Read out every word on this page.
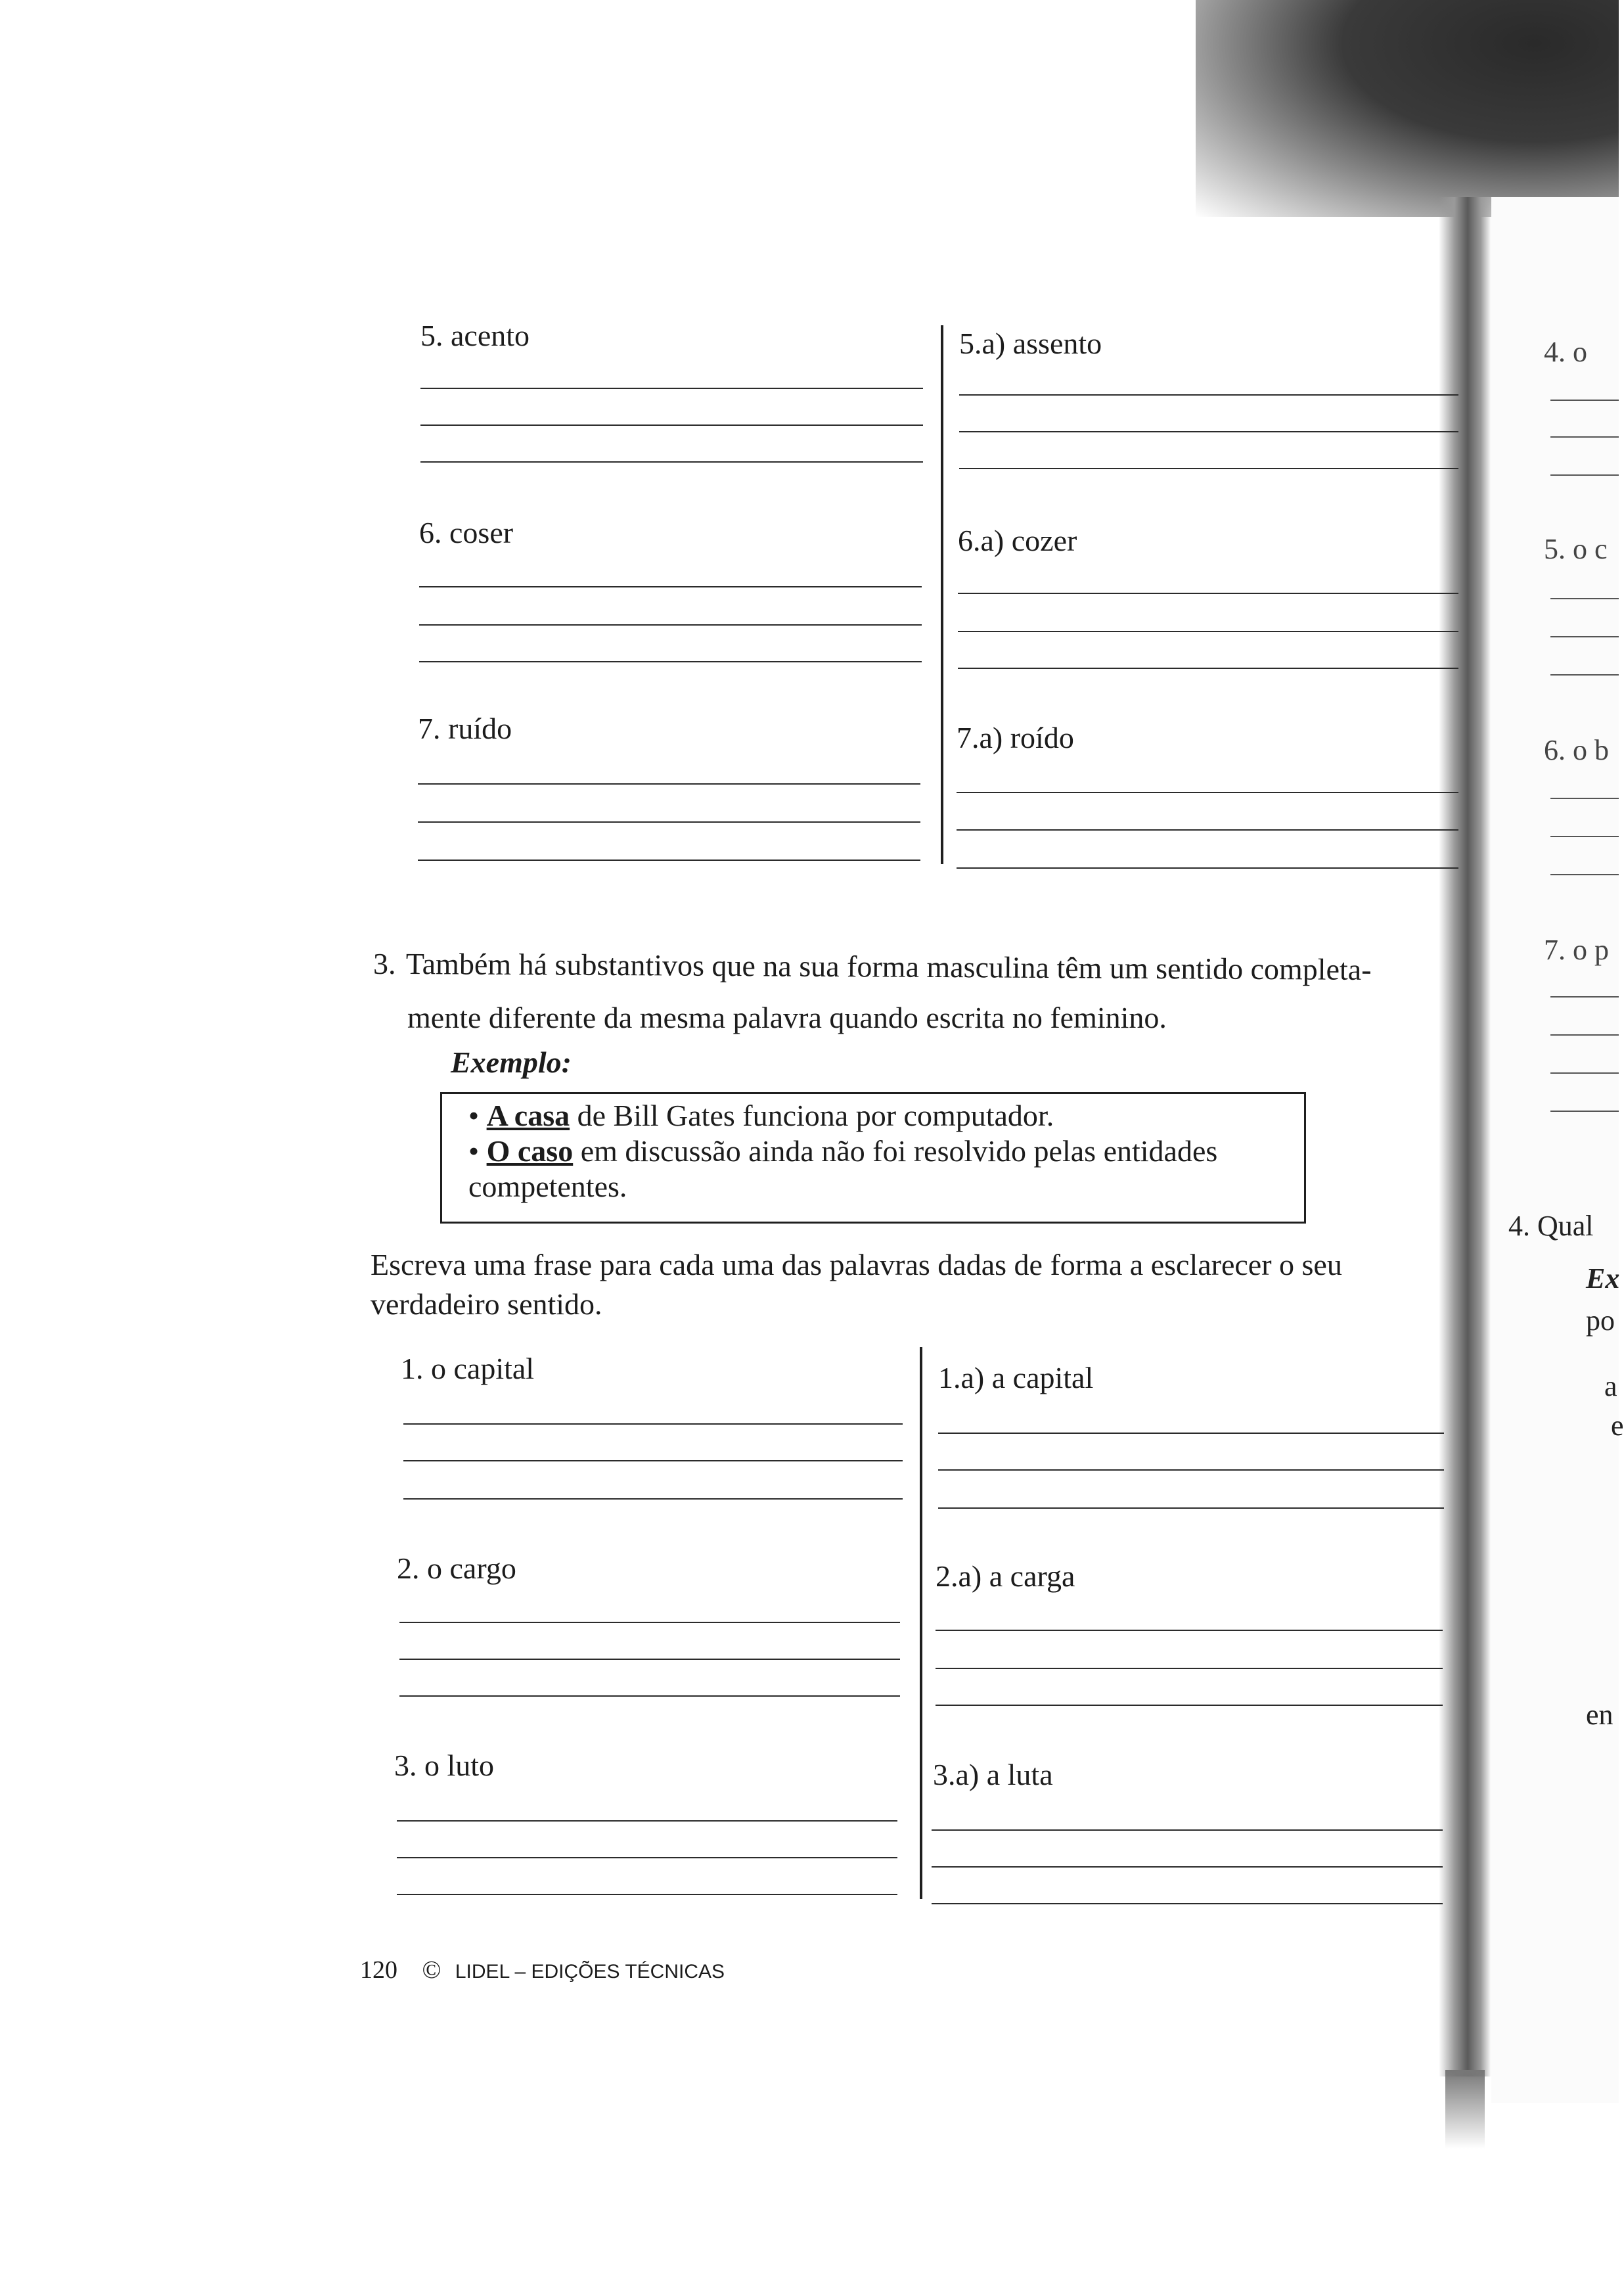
5. acento	5.a) assento
6. coser	6.a) cozer
7. ruído	7.a) roído
3. Também há substantivos que na sua forma masculina têm um sentido completa-
mente diferente da mesma palavra quando escrita no feminino.
Exemplo:
• A casa de Bill Gates funciona por computador.
• O caso em discussão ainda não foi resolvido pelas entidades
competentes.
Escreva uma frase para cada uma das palavras dadas de forma a esclarecer o seu
verdadeiro sentido.
1. o capital	1.a) a capital
2. o cargo	2.a) a carga
3. o luto	3.a) a luta
120 © LIDEL – EDIÇÕES TÉCNICAS
4. o
5. o c
6. o b
7. o p
4. Qual
Ex
po
a
e
en
